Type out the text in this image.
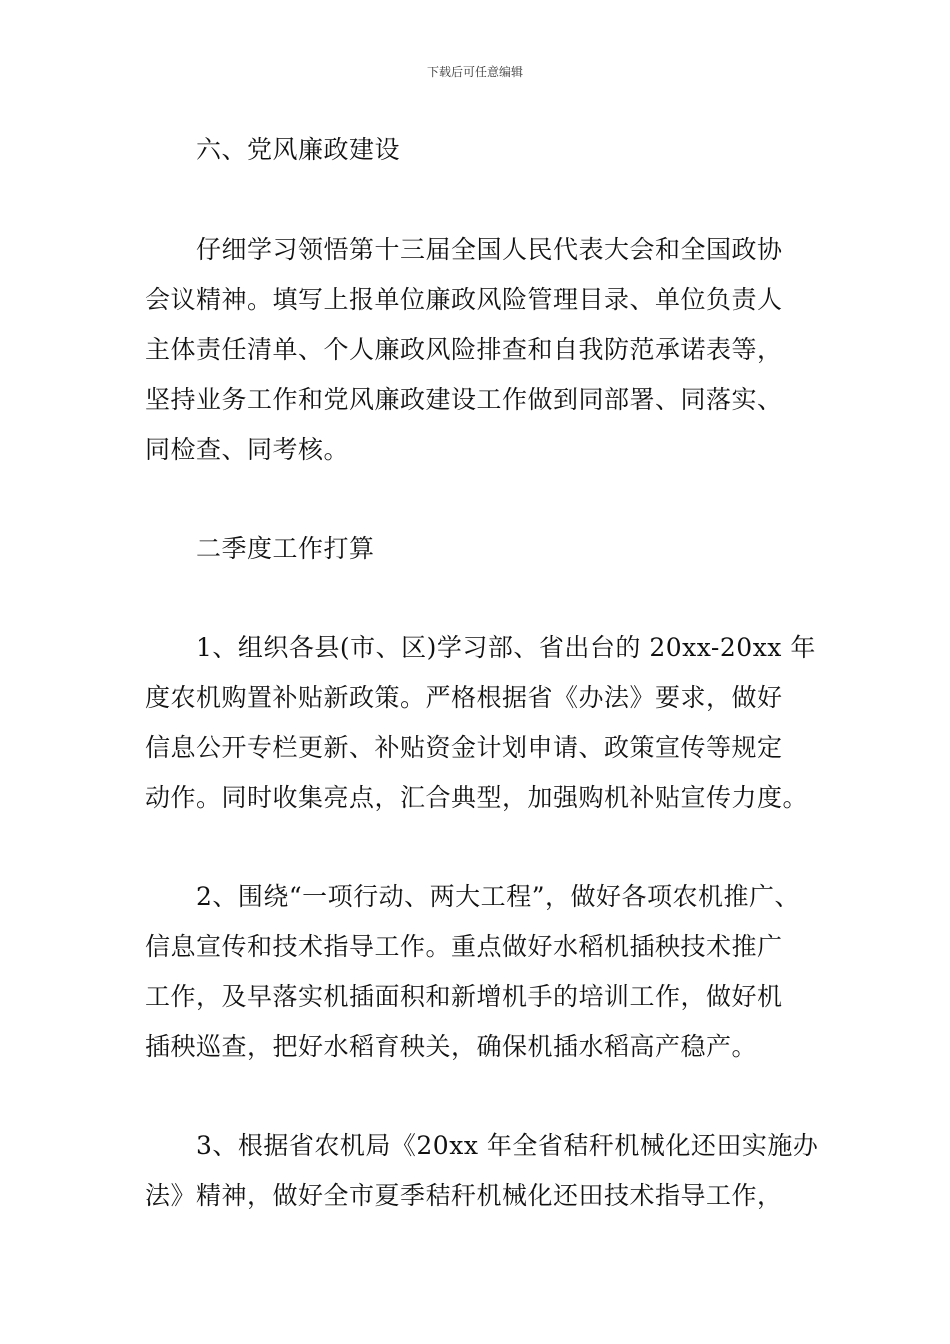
下载后可任意编辑
六、党风廉政建设
仔细学习领悟第十三届全国人民代表大会和全国政协
会议精神。填写上报单位廉政风险管理目录、单位负责人
主体责任清单、个人廉政风险排查和自我防范承诺表等，
坚持业务工作和党风廉政建设工作做到同部署、同落实、
同检查、同考核。
二季度工作打算
1、组织各县(市、区)学习部、省出台的 20xx-20xx 年
度农机购置补贴新政策。严格根据省《办法》要求，做好
信息公开专栏更新、补贴资金计划申请、政策宣传等规定
动作。同时收集亮点，汇合典型，加强购机补贴宣传力度。
2、围绕“一项行动、两大工程”，做好各项农机推广、
信息宣传和技术指导工作。重点做好水稻机插秧技术推广
工作，及早落实机插面积和新增机手的培训工作，做好机
插秧巡查，把好水稻育秧关，确保机插水稻高产稳产。
3、根据省农机局《20xx 年全省秸秆机械化还田实施办
法》精神，做好全市夏季秸秆机械化还田技术指导工作，
